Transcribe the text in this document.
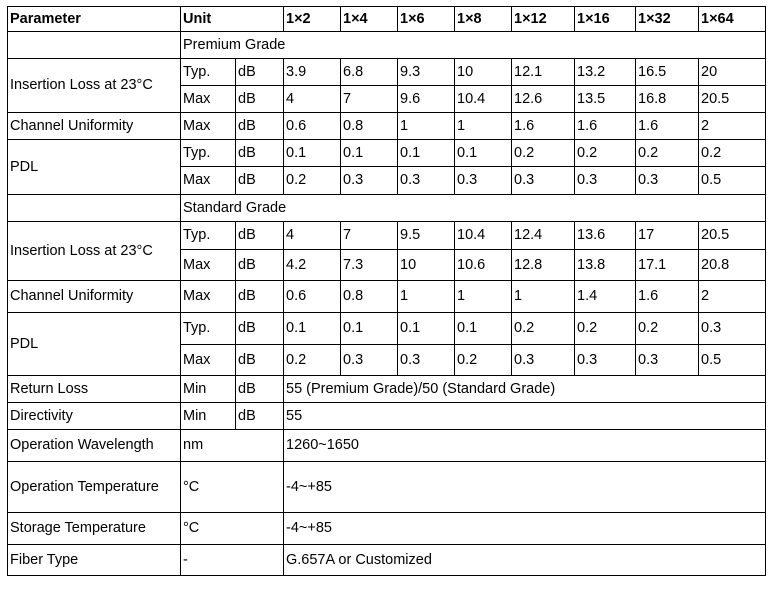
Parameter	Unit		1×2	1×4	1×6	1×8	1×12	1×16	1×32	1×64
	Premium Grade									
Insertion Loss at 23°C	Typ.	dB	3.9	6.8	9.3	10	12.1	13.2	16.5	20
	Max	dB	4	7	9.6	10.4	12.6	13.5	16.8	20.5
Channel Uniformity	Max	dB	0.6	0.8	1	1	1.6	1.6	1.6	2
PDL	Typ.	dB	0.1	0.1	0.1	0.1	0.2	0.2	0.2	0.2
	Max	dB	0.2	0.3	0.3	0.3	0.3	0.3	0.3	0.5
	Standard Grade									
Insertion Loss at 23°C	Typ.	dB	4	7	9.5	10.4	12.4	13.6	17	20.5
	Max	dB	4.2	7.3	10	10.6	12.8	13.8	17.1	20.8
Channel Uniformity	Max	dB	0.6	0.8	1	1	1	1.4	1.6	2
PDL	Typ.	dB	0.1	0.1	0.1	0.1	0.2	0.2	0.2	0.3
	Max	dB	0.2	0.3	0.3	0.2	0.3	0.3	0.3	0.5
Return Loss	Min	dB	55 (Premium Grade)/50 (Standard Grade)							
Directivity	Min	dB	55							
Operation Wavelength	nm		1260~1650							
Operation Temperature	°C		-4~+85							
Storage Temperature	°C		-4~+85							
Fiber Type	-		G.657A or Customized							
